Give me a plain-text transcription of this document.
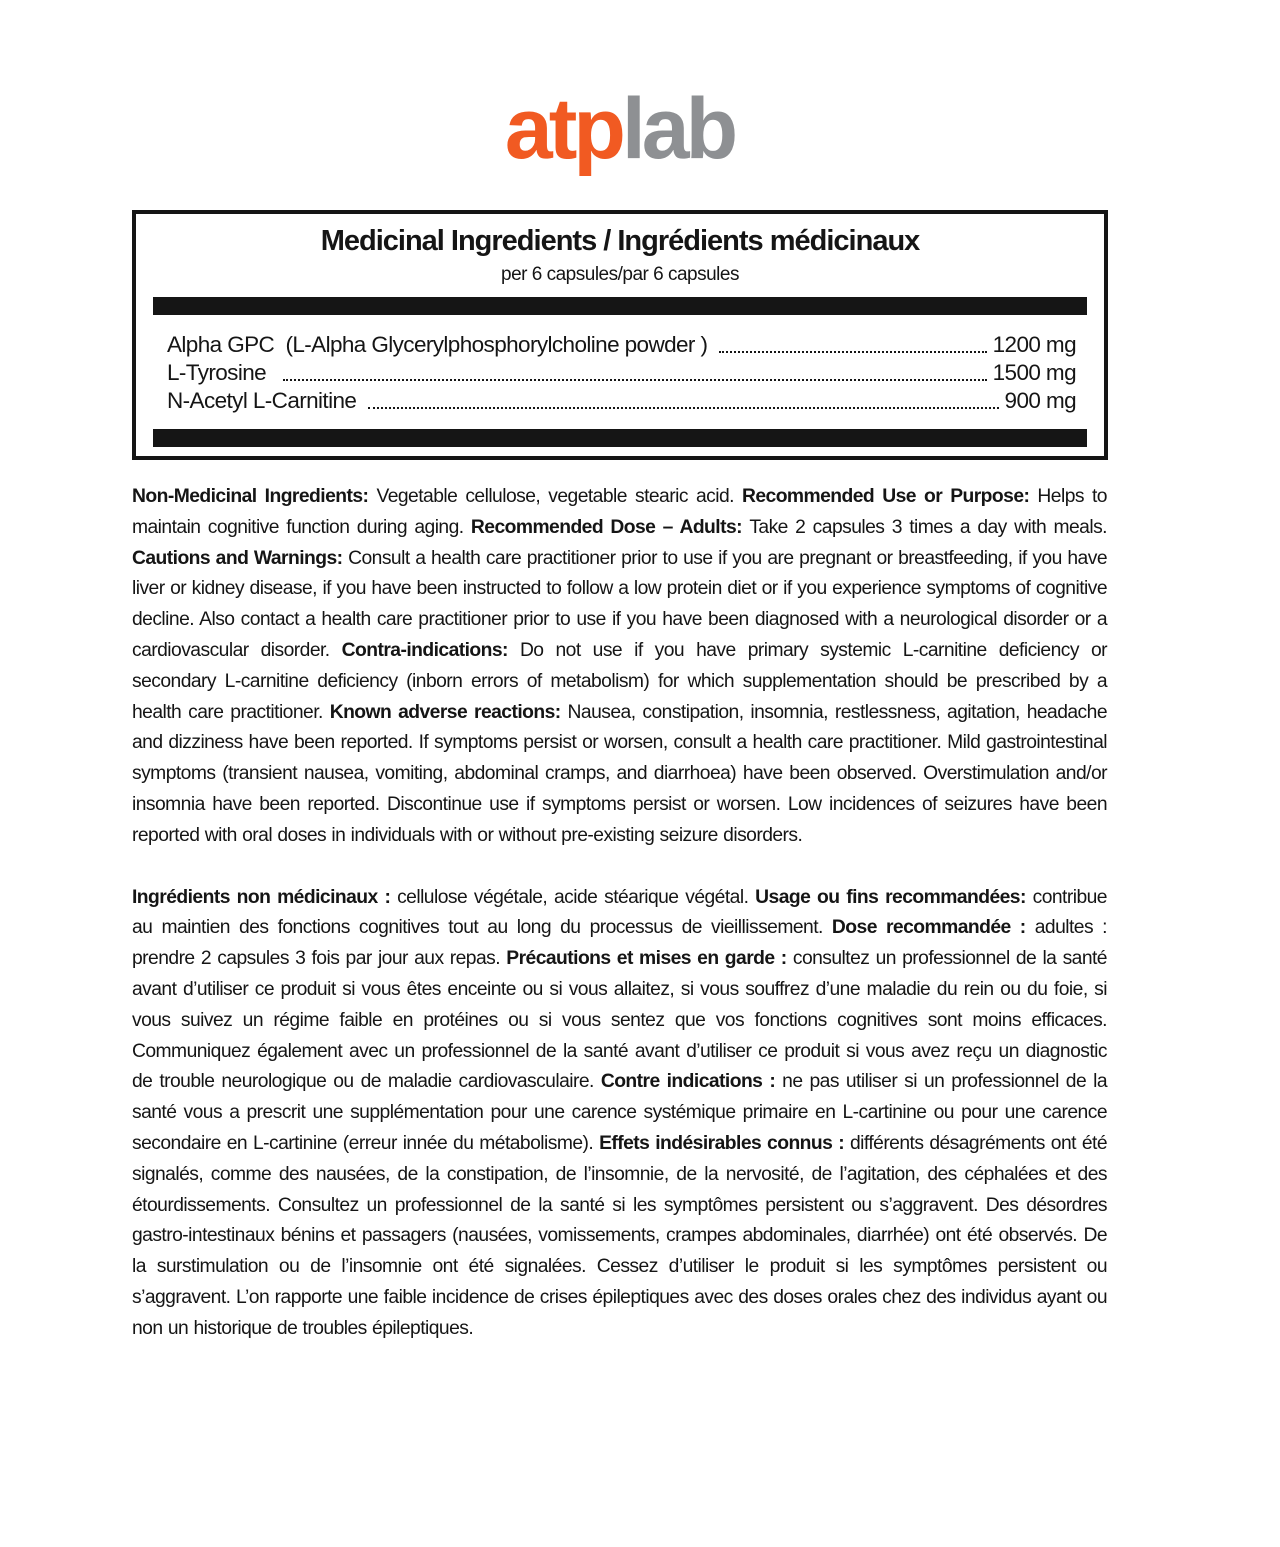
atplab
Medicinal Ingredients / Ingrédients médicinaux
per 6 capsules/par 6 capsules
Alpha GPC  (L-Alpha Glycerylphosphorylcholine powder )	1200 mg
L-Tyrosine	1500 mg
N-Acetyl L-Carnitine	900 mg

Non-Medicinal Ingredients: Vegetable cellulose, vegetable stearic acid. Recommended Use or Purpose: Helps to maintain cognitive function during aging. Recommended Dose – Adults: Take 2 capsules 3 times a day with meals. Cautions and Warnings: Consult a health care practitioner prior to use if you are pregnant or breastfeeding, if you have liver or kidney disease, if you have been instructed to follow a low protein diet or if you experience symptoms of cognitive decline. Also contact a health care practitioner prior to use if you have been diagnosed with a neurological disorder or a cardiovascular disorder. Contra-indications: Do not use if you have primary systemic L-carnitine deficiency or secondary L-carnitine deficiency (inborn errors of metabolism) for which supplementation should be prescribed by a health care practitioner. Known adverse reactions: Nausea, constipation, insomnia, restlessness, agitation, headache and dizziness have been reported. If symptoms persist or worsen, consult a health care practitioner. Mild gastrointestinal symptoms (transient nausea, vomiting, abdominal cramps, and diarrhoea) have been observed. Overstimulation and/or insomnia have been reported. Discontinue use if symptoms persist or worsen. Low incidences of seizures have been reported with oral doses in individuals with or without pre-existing seizure disorders.

Ingrédients non médicinaux : cellulose végétale, acide stéarique végétal. Usage ou fins recommandées: contribue au maintien des fonctions cognitives tout au long du processus de vieillissement. Dose recommandée : adultes : prendre 2 capsules 3 fois par jour aux repas. Précautions et mises en garde : consultez un professionnel de la santé avant d’utiliser ce produit si vous êtes enceinte ou si vous allaitez, si vous souffrez d’une maladie du rein ou du foie, si vous suivez un régime faible en protéines ou si vous sentez que vos fonctions cognitives sont moins efficaces. Communiquez également avec un professionnel de la santé avant d’utiliser ce produit si vous avez reçu un diagnostic de trouble neurologique ou de maladie cardiovasculaire. Contre indications : ne pas utiliser si un professionnel de la santé vous a prescrit une supplémentation pour une carence systémique primaire en L-cartinine ou pour une carence secondaire en L-cartinine (erreur innée du métabolisme). Effets indésirables connus : différents désagréments ont été signalés, comme des nausées, de la constipation, de l’insomnie, de la nervosité, de l’agitation, des céphalées et des étourdissements. Consultez un professionnel de la santé si les symptômes persistent ou s’aggravent. Des désordres gastro-intestinaux bénins et passagers (nausées, vomissements, crampes abdominales, diarrhée) ont été observés. De la surstimulation ou de l’insomnie ont été signalées. Cessez d’utiliser le produit si les symptômes persistent ou s’aggravent. L’on rapporte une faible incidence de crises épileptiques avec des doses orales chez des individus ayant ou non un historique de troubles épileptiques.
